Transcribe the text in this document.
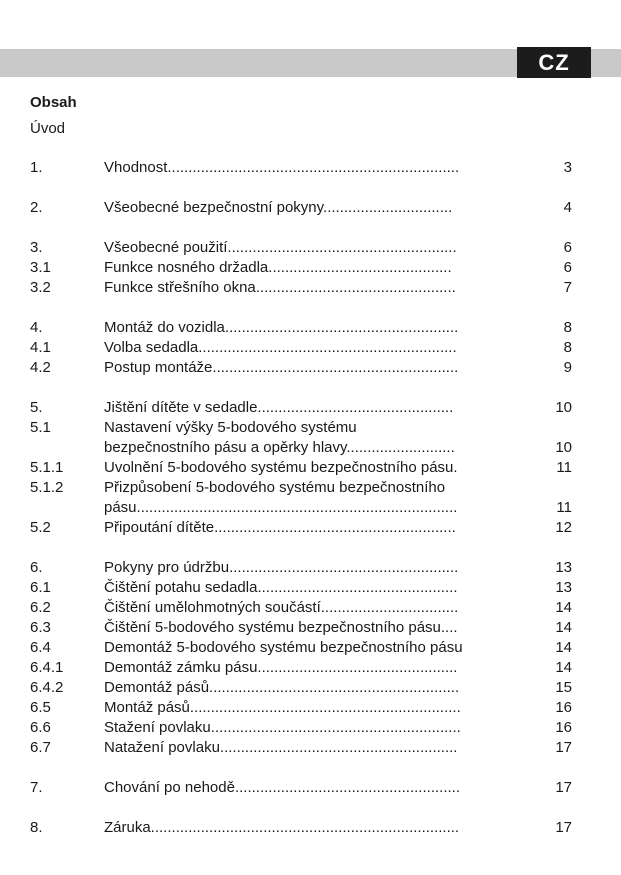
CZ
Obsah
Úvod
1.	Vhodnost......................................................................	3
2.	Všeobecné bezpečnostní pokyny...............................	4
3.	Všeobecné použití.......................................................	6
3.1	Funkce nosného držadla............................................	6
3.2	Funkce střešního okna................................................	7
4.	Montáž do vozidla........................................................	8
4.1	Volba sedadla..............................................................	8
4.2	Postup montáže...........................................................	9
5.	Jištění dítěte v sedadle...............................................	10
5.1	Nastavení výšky 5-bodového systému
bezpečnostního pásu a opěrky hlavy..........................	10
5.1.1	Uvolnění 5-bodového systému bezpečnostního pásu.	11
5.1.2	Přizpůsobení 5-bodového systému bezpečnostního
pásu.............................................................................	11
5.2	Připoutání dítěte..........................................................	12
6.	Pokyny pro údržbu.......................................................	13
6.1	Čištění potahu sedadla................................................	13
6.2	Čištění umělohmotných součástí.................................	14
6.3	Čištění 5-bodového systému bezpečnostního pásu....	14
6.4	Demontáž 5-bodového systému bezpečnostního pásu	14
6.4.1	Demontáž zámku pásu................................................	14
6.4.2	Demontáž pásů............................................................	15
6.5	Montáž pásů.................................................................	16
6.6	Stažení povlaku............................................................	16
6.7	Natažení povlaku.........................................................	17
7.	Chování po nehodě......................................................	17
8.	Záruka..........................................................................	17
